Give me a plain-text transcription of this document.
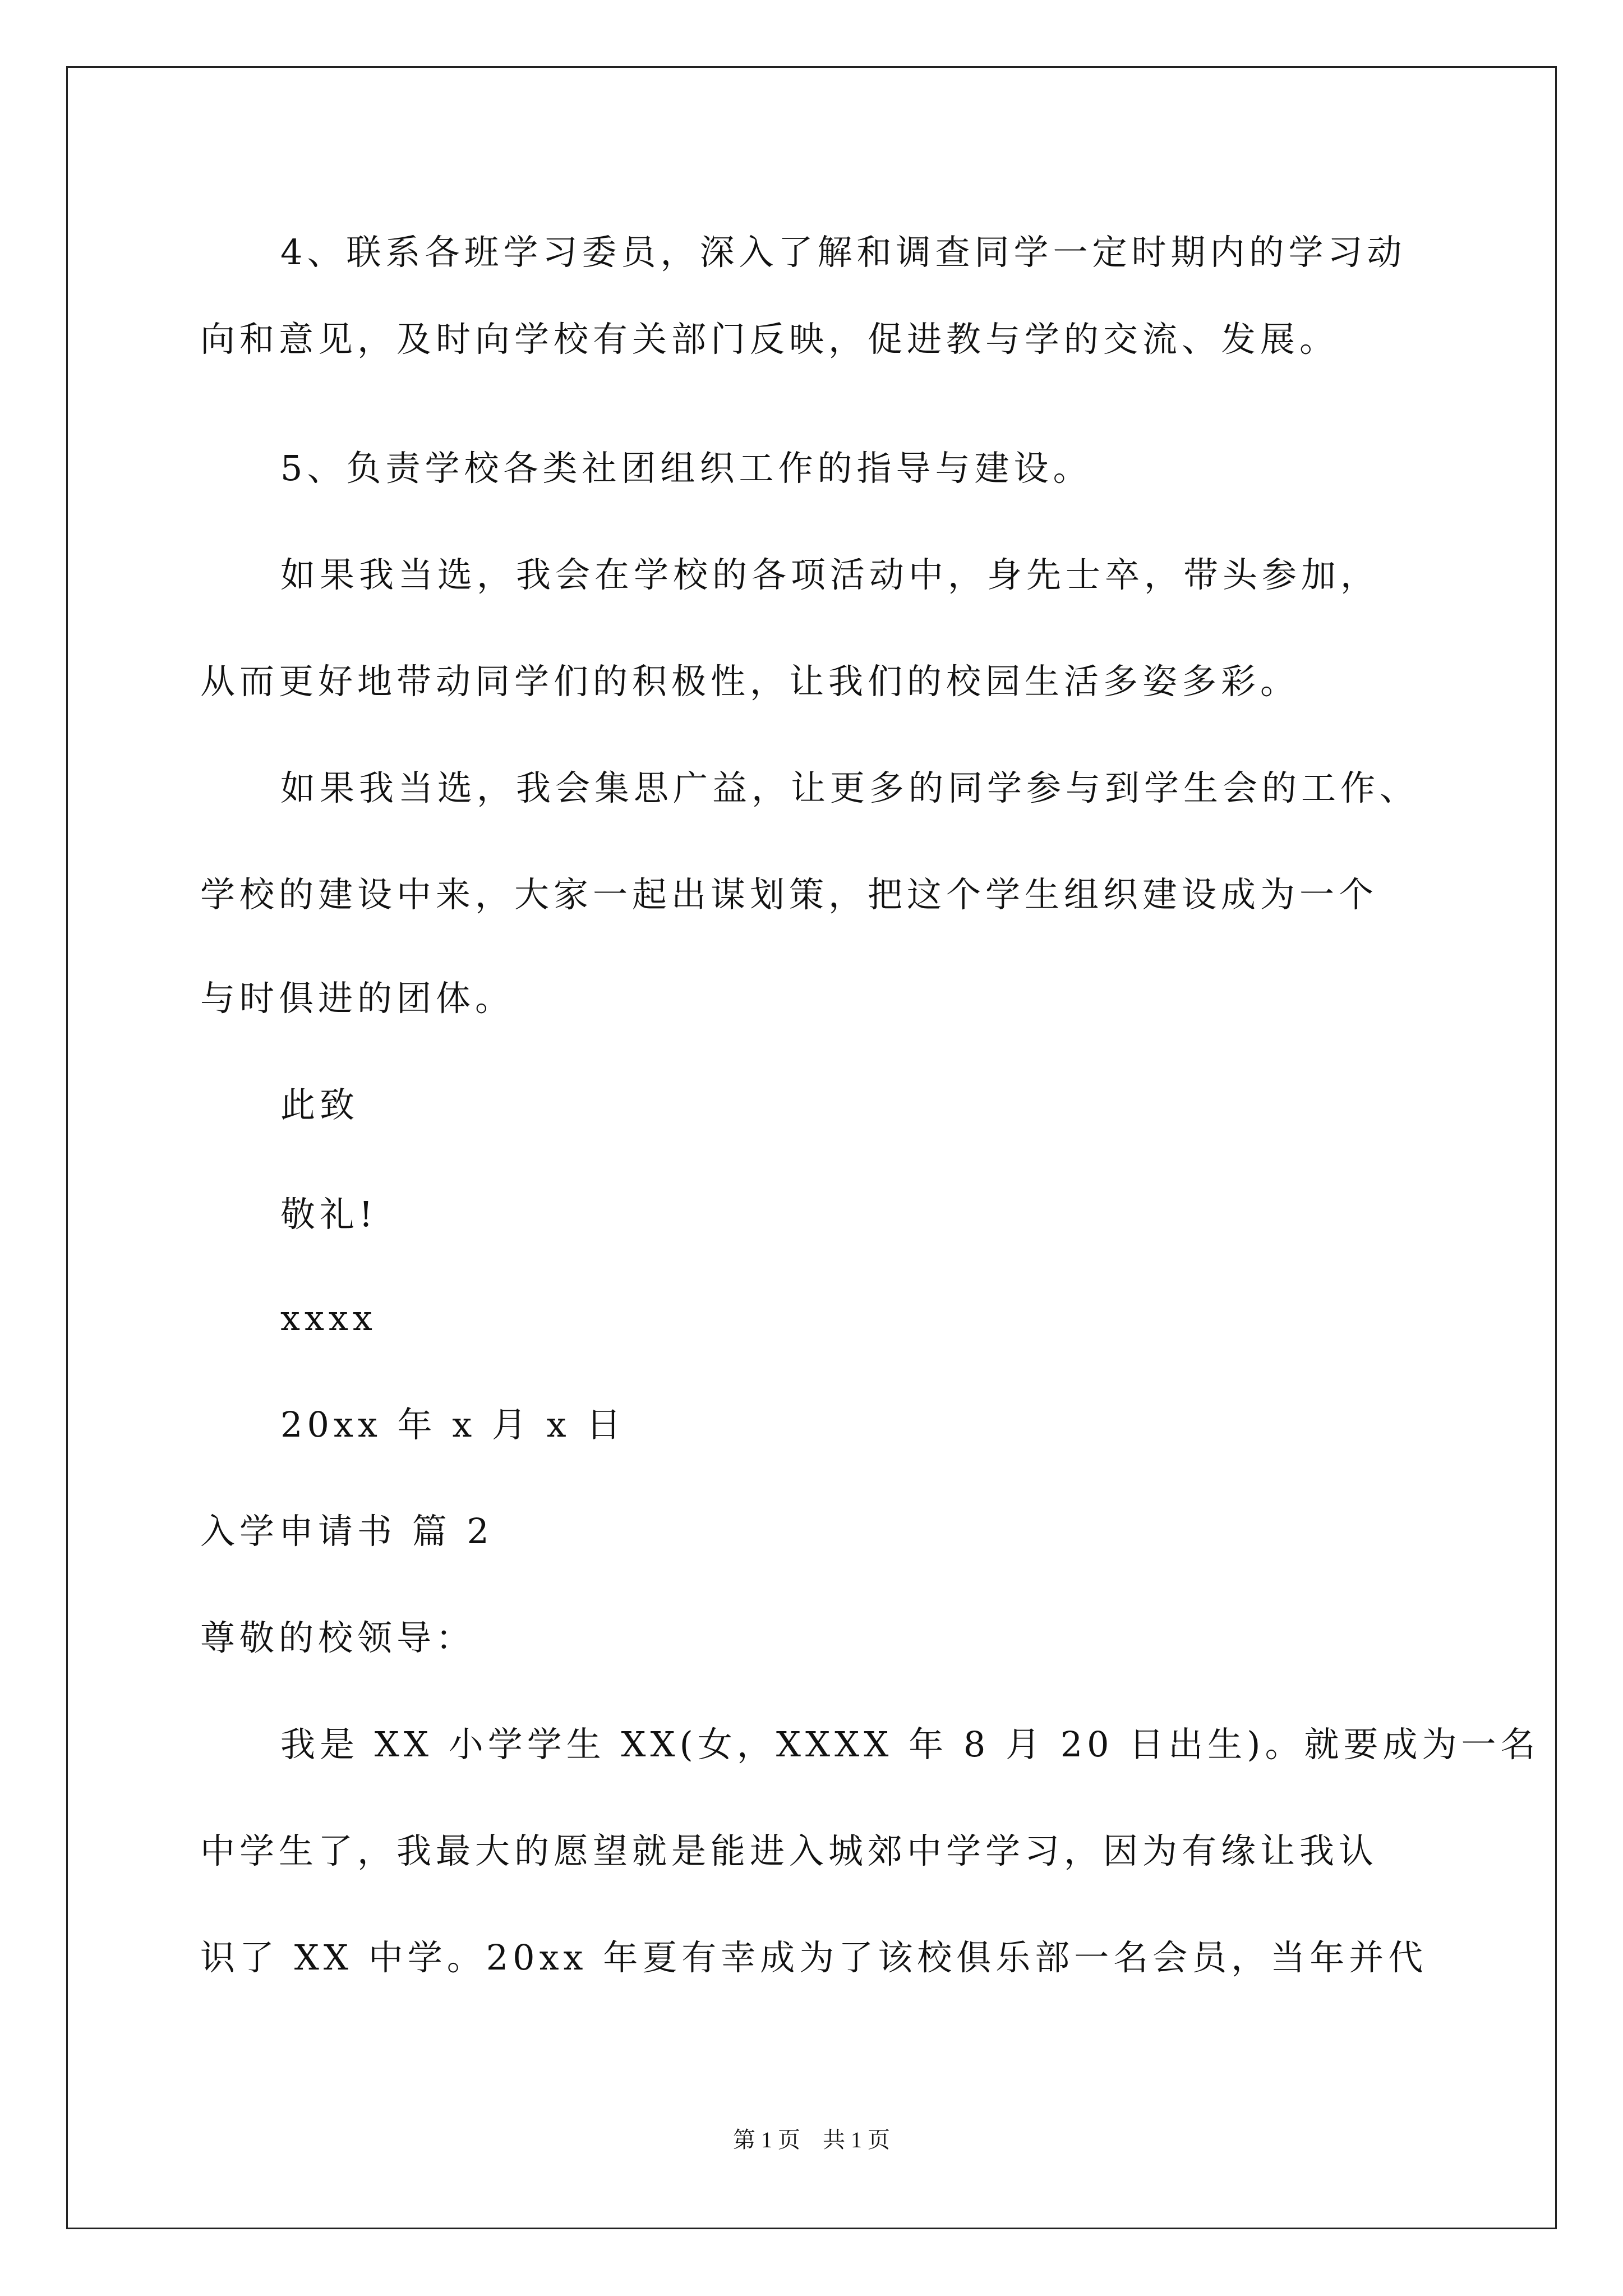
4、联系各班学习委员，深入了解和调查同学一定时期内的学习动
向和意见，及时向学校有关部门反映，促进教与学的交流、发展。
5、负责学校各类社团组织工作的指导与建设。
如果我当选，我会在学校的各项活动中，身先士卒，带头参加，
从而更好地带动同学们的积极性，让我们的校园生活多姿多彩。
如果我当选，我会集思广益，让更多的同学参与到学生会的工作、
学校的建设中来，大家一起出谋划策，把这个学生组织建设成为一个
与时俱进的团体。
此致
敬礼!
xxxx
20xx 年 x 月 x 日
入学申请书 篇 2
尊敬的校领导：
我是 XX 小学学生 XX(女，XXXX 年 8 月 20 日出生)。就要成为一名
中学生了，我最大的愿望就是能进入城郊中学学习，因为有缘让我认
识了 XX 中学。20xx 年夏有幸成为了该校俱乐部一名会员，当年并代
第 1 页　共 1 页
